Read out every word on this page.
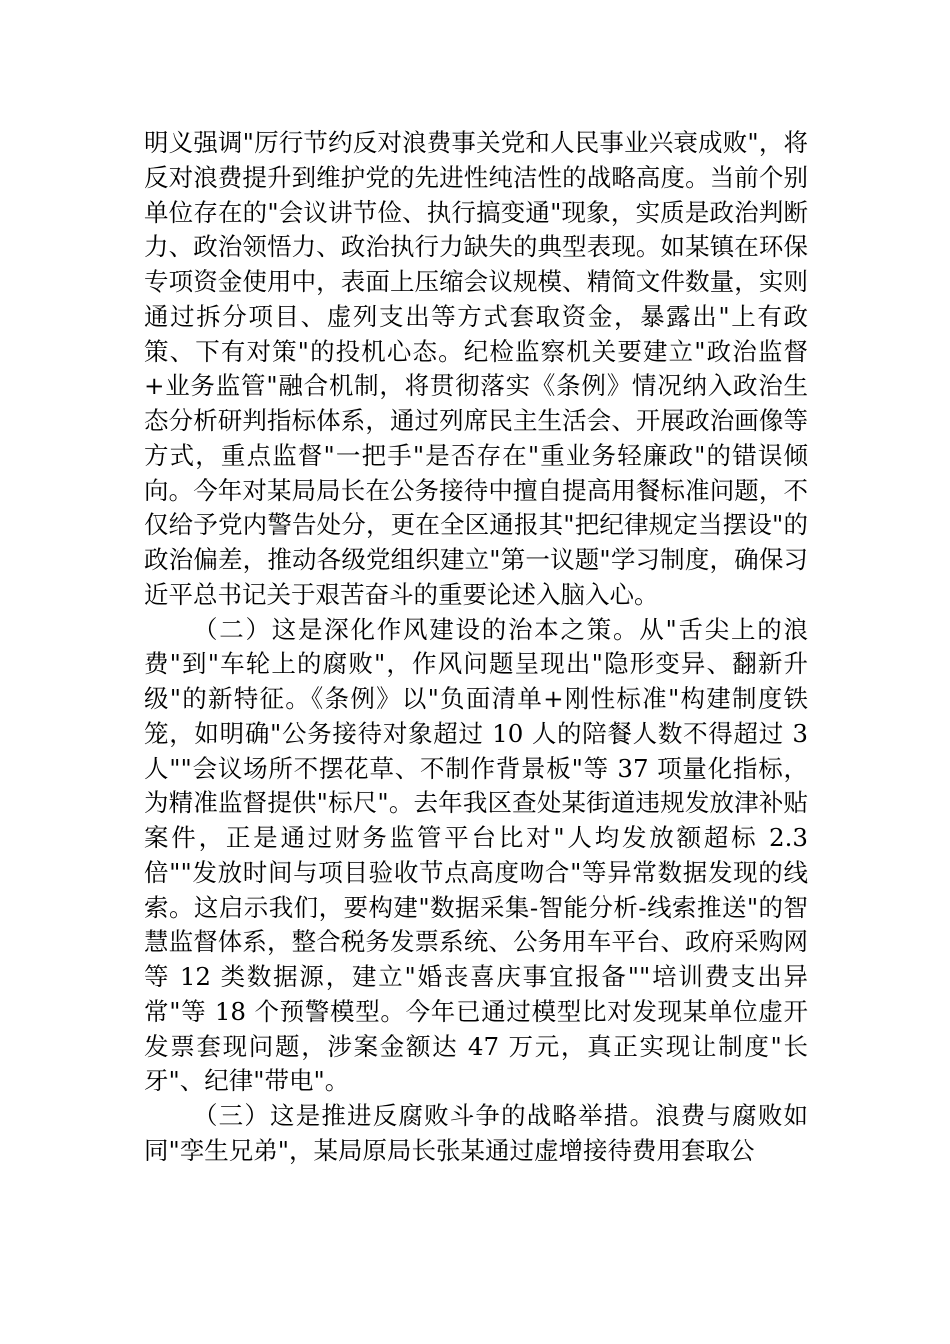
明义强调"厉行节约反对浪费事关党和人民事业兴衰成败"，将反对浪费提升到维护党的先进性纯洁性的战略高度。当前个别单位存在的"会议讲节俭、执行搞变通"现象，实质是政治判断力、政治领悟力、政治执行力缺失的典型表现。如某镇在环保专项资金使用中，表面上压缩会议规模、精简文件数量，实则通过拆分项目、虚列支出等方式套取资金，暴露出"上有政策、下有对策"的投机心态。纪检监察机关要建立"政治监督+业务监管"融合机制，将贯彻落实《条例》情况纳入政治生态分析研判指标体系，通过列席民主生活会、开展政治画像等方式，重点监督"一把手"是否存在"重业务轻廉政"的错误倾向。今年对某局局长在公务接待中擅自提高用餐标准问题，不仅给予党内警告处分，更在全区通报其"把纪律规定当摆设"的政治偏差，推动各级党组织建立"第一议题"学习制度，确保习近平总书记关于艰苦奋斗的重要论述入脑入心。

（二）这是深化作风建设的治本之策。从"舌尖上的浪费"到"车轮上的腐败"，作风问题呈现出"隐形变异、翻新升级"的新特征。《条例》以"负面清单+刚性标准"构建制度铁笼，如明确"公务接待对象超过 10 人的陪餐人数不得超过 3 人""会议场所不摆花草、不制作背景板"等 37 项量化指标，为精准监督提供"标尺"。去年我区查处某街道违规发放津补贴案件，正是通过财务监管平台比对"人均发放额超标 2.3 倍""发放时间与项目验收节点高度吻合"等异常数据发现的线索。这启示我们，要构建"数据采集-智能分析-线索推送"的智慧监督体系，整合税务发票系统、公务用车平台、政府采购网等 12 类数据源，建立"婚丧喜庆事宜报备""培训费支出异常"等 18 个预警模型。今年已通过模型比对发现某单位虚开发票套现问题，涉案金额达 47 万元，真正实现让制度"长牙"、纪律"带电"。

（三）这是推进反腐败斗争的战略举措。浪费与腐败如同"孪生兄弟"，某局原局长张某通过虚增接待费用套取公
